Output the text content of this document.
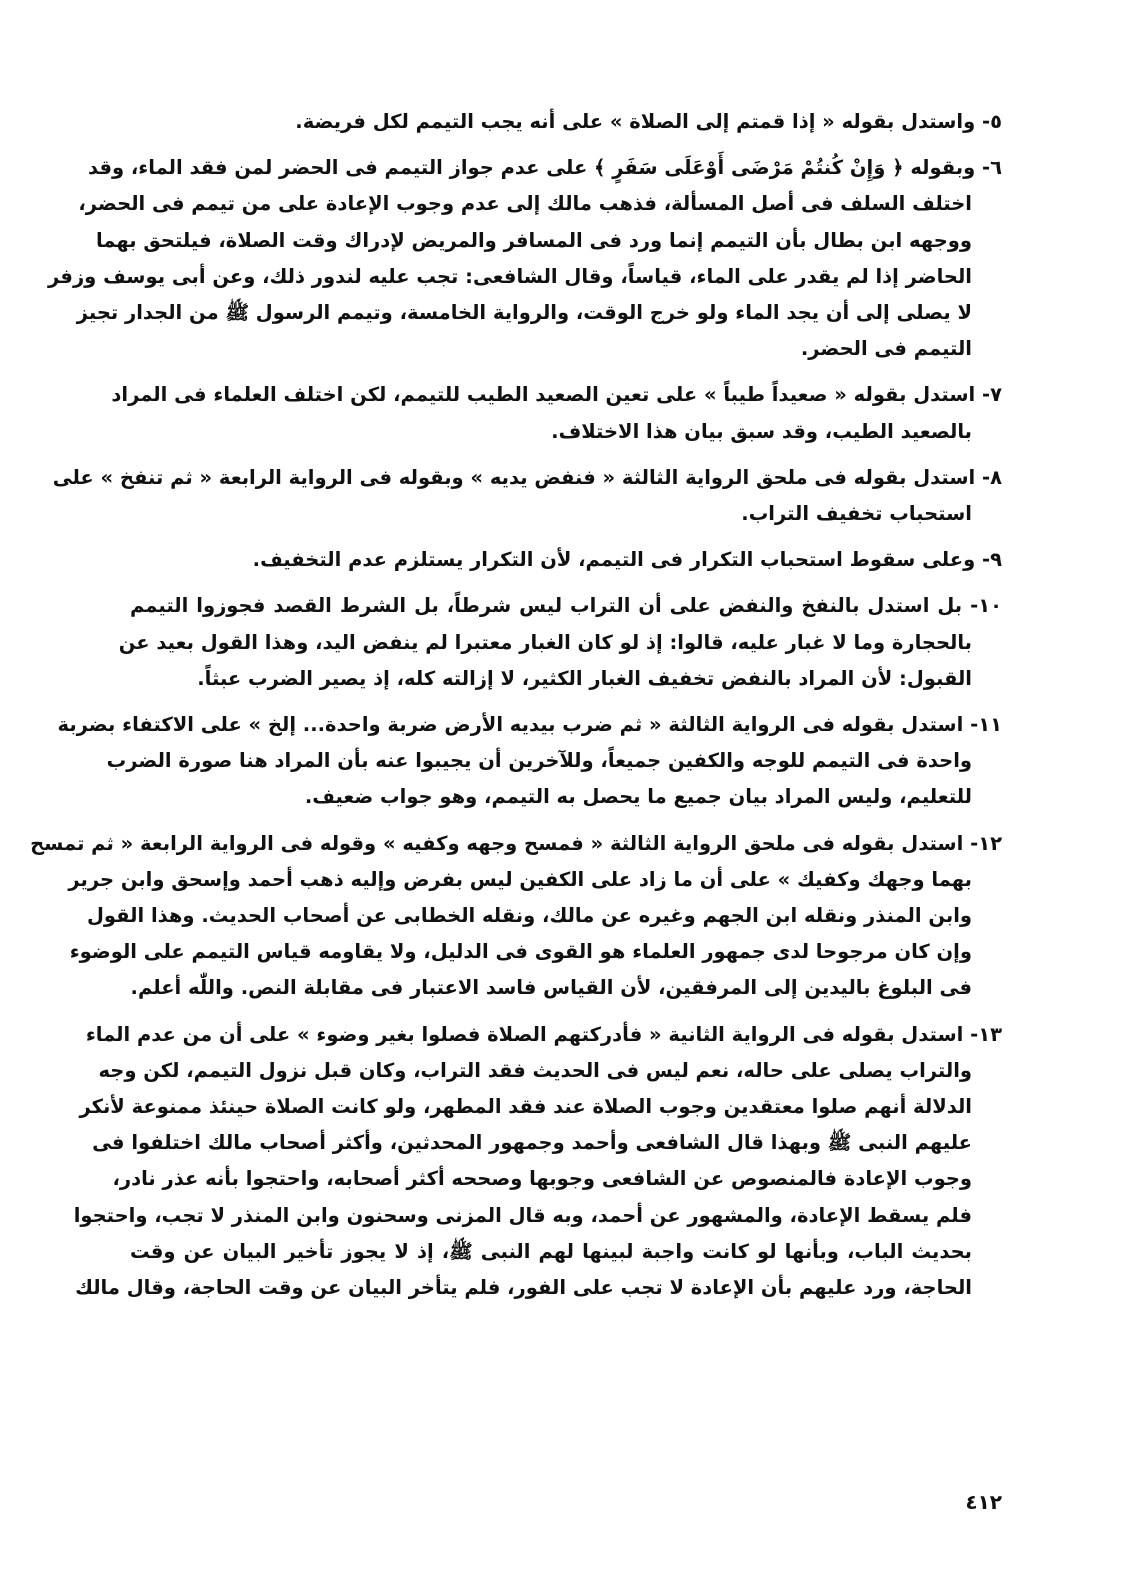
٥- واستدل بقوله « إذا قمتم إلى الصلاة » على أنه يجب التيمم لكل فريضة.
٦- وبقوله ﴿ وَإِنْ كُنتُمْ مَرْضَى أَوْعَلَى سَفَرٍ ﴾ على عدم جواز التيمم فى الحضر لمن فقد الماء، وقد
اختلف السلف فى أصل المسألة، فذهب مالك إلى عدم وجوب الإعادة على من تيمم فى الحضر،
ووجهه ابن بطال بأن التيمم إنما ورد فى المسافر والمريض لإدراك وقت الصلاة، فيلتحق بهما
الحاضر إذا لم يقدر على الماء، قياساً، وقال الشافعى: تجب عليه لندور ذلك، وعن أبى يوسف وزفر
لا يصلى إلى أن يجد الماء ولو خرج الوقت، والرواية الخامسة، وتيمم الرسول ﷺ من الجدار تجيز
التيمم فى الحضر.
٧- استدل بقوله « صعيداً طيباً » على تعين الصعيد الطيب للتيمم، لكن اختلف العلماء فى المراد
بالصعيد الطيب، وقد سبق بيان هذا الاختلاف.
٨- استدل بقوله فى ملحق الرواية الثالثة « فنفض يديه » وبقوله فى الرواية الرابعة « ثم تنفخ » على
استحباب تخفيف التراب.
٩- وعلى سقوط استحباب التكرار فى التيمم، لأن التكرار يستلزم عدم التخفيف.
١٠- بل استدل بالنفخ والنفض على أن التراب ليس شرطاً، بل الشرط القصد فجوزوا التيمم
بالحجارة وما لا غبار عليه، قالوا: إذ لو كان الغبار معتبرا لم ينفض اليد، وهذا القول بعيد عن
القبول: لأن المراد بالنفض تخفيف الغبار الكثير، لا إزالته كله، إذ يصير الضرب عبثاً.
١١- استدل بقوله فى الرواية الثالثة « ثم ضرب بيديه الأرض ضربة واحدة... إلخ » على الاكتفاء بضربة
واحدة فى التيمم للوجه والكفين جميعاً، وللآخرين أن يجيبوا عنه بأن المراد هنا صورة الضرب
للتعليم، وليس المراد بيان جميع ما يحصل به التيمم، وهو جواب ضعيف.
١٢- استدل بقوله فى ملحق الرواية الثالثة « فمسح وجهه وكفيه » وقوله فى الرواية الرابعة « ثم تمسح
بهما وجهك وكفيك » على أن ما زاد على الكفين ليس بفرض وإليه ذهب أحمد وإسحق وابن جرير
وابن المنذر ونقله ابن الجهم وغيره عن مالك، ونقله الخطابى عن أصحاب الحديث. وهذا القول
وإن كان مرجوحا لدى جمهور العلماء هو القوى فى الدليل، ولا يقاومه قياس التيمم على الوضوء
فى البلوغ باليدين إلى المرفقين، لأن القياس فاسد الاعتبار فى مقابلة النص. واللّٰه أعلم.
١٣- استدل بقوله فى الرواية الثانية « فأدركتهم الصلاة فصلوا بغير وضوء » على أن من عدم الماء
والتراب يصلى على حاله، نعم ليس فى الحديث فقد التراب، وكان قبل نزول التيمم، لكن وجه
الدلالة أنهم صلوا معتقدين وجوب الصلاة عند فقد المطهر، ولو كانت الصلاة حينئذ ممنوعة لأنكر
عليهم النبى ﷺ وبهذا قال الشافعى وأحمد وجمهور المحدثين، وأكثر أصحاب مالك اختلفوا فى
وجوب الإعادة فالمنصوص عن الشافعى وجوبها وصححه أكثر أصحابه، واحتجوا بأنه عذر نادر،
فلم يسقط الإعادة، والمشهور عن أحمد، وبه قال المزنى وسحنون وابن المنذر لا تجب، واحتجوا
بحديث الباب، وبأنها لو كانت واجبة لبينها لهم النبى ﷺ، إذ لا يجوز تأخير البيان عن وقت
الحاجة، ورد عليهم بأن الإعادة لا تجب على الفور، فلم يتأخر البيان عن وقت الحاجة، وقال مالك
٤١٢
